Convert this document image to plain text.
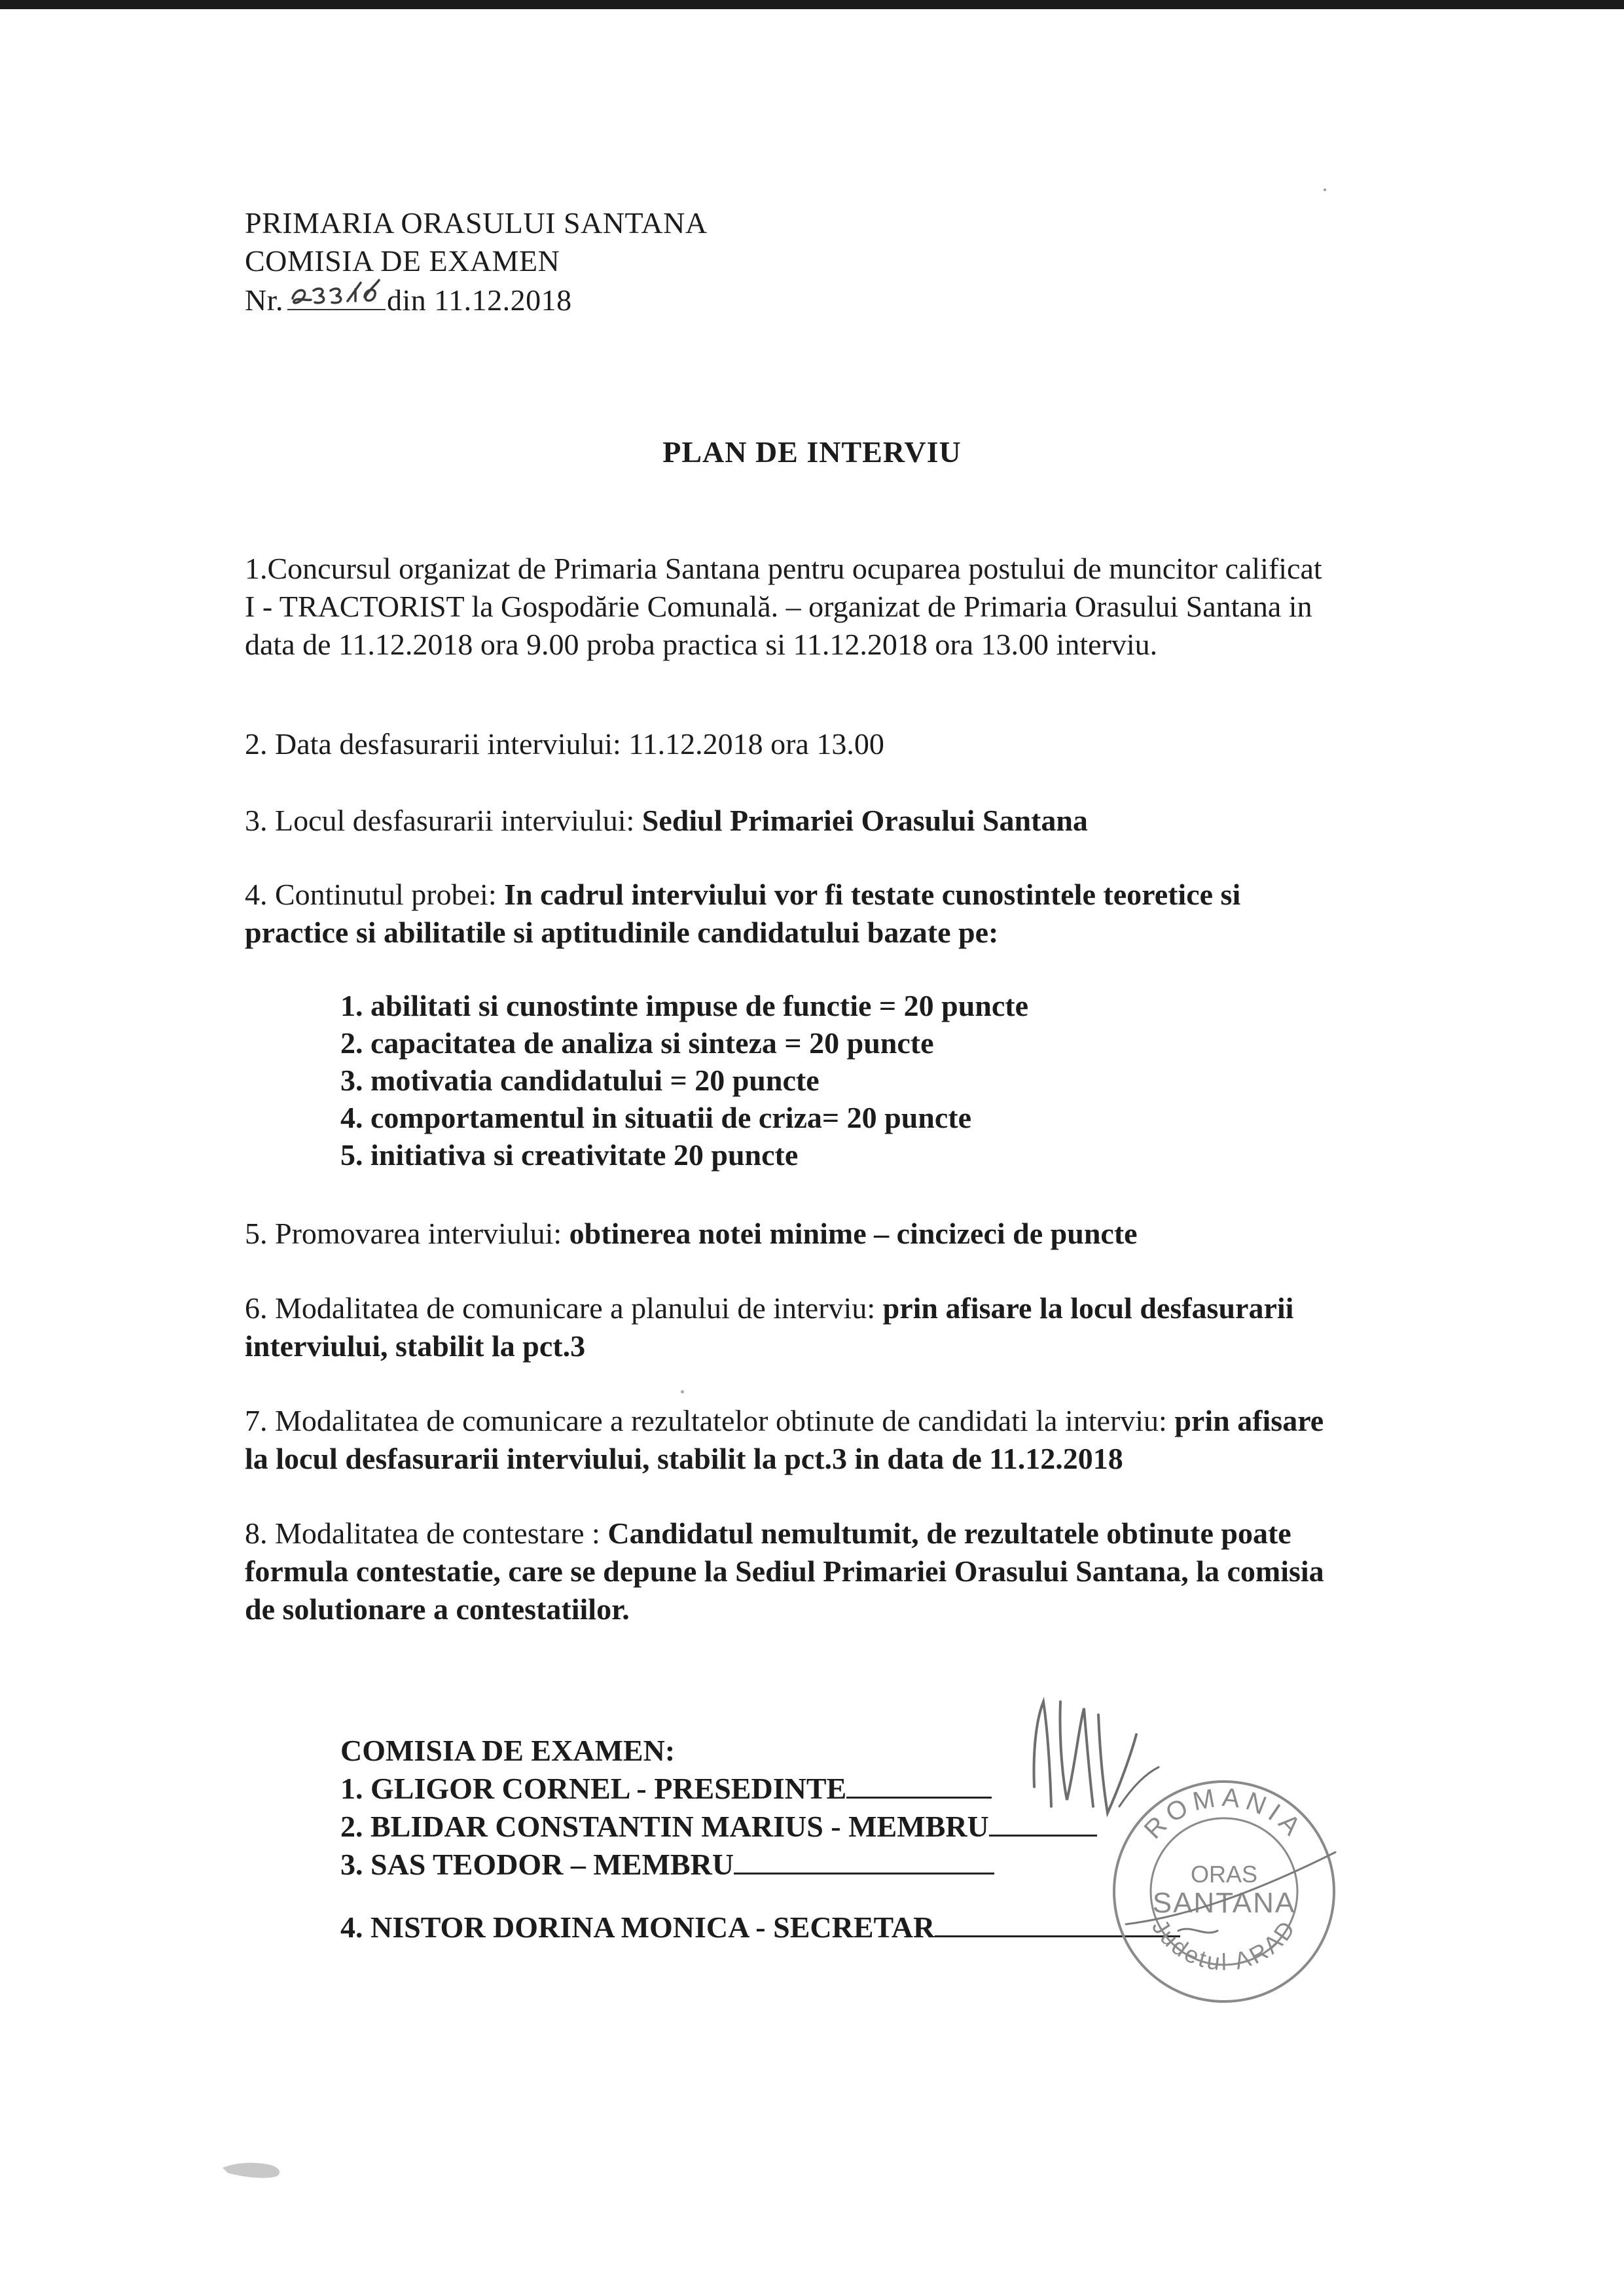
PRIMARIA ORASULUI SANTANA
COMISIA DE EXAMEN
Nr.	din 11.12.2018
PLAN DE INTERVIU
1.Concursul organizat de Primaria Santana pentru ocuparea postului de muncitor calificat I - TRACTORIST la Gospodărie Comunală. – organizat de Primaria Orasului Santana in data de 11.12.2018 ora 9.00 proba practica si 11.12.2018 ora 13.00 interviu.
2. Data desfasurarii interviului: 11.12.2018 ora 13.00
3. Locul desfasurarii interviului: Sediul Primariei Orasului Santana
4. Continutul probei: In cadrul interviului vor fi testate cunostintele teoretice si practice si abilitatile si aptitudinile candidatului bazate pe:
1. abilitati si cunostinte impuse de functie = 20 puncte
2. capacitatea de analiza si sinteza = 20 puncte
3. motivatia candidatului = 20 puncte
4. comportamentul in situatii de criza= 20 puncte
5. initiativa si creativitate 20 puncte
5. Promovarea interviului: obtinerea notei minime – cincizeci de puncte
6. Modalitatea de comunicare a planului de interviu: prin afisare la locul desfasurarii interviului, stabilit la pct.3
7. Modalitatea de comunicare a rezultatelor obtinute de candidati la interviu: prin afisare la locul desfasurarii interviului, stabilit la pct.3 in data de 11.12.2018
8. Modalitatea de contestare : Candidatul nemultumit, de rezultatele obtinute poate formula contestatie, care se depune la Sediul Primariei Orasului Santana, la comisia de solutionare a contestatiilor.
COMISIA DE EXAMEN:
1. GLIGOR CORNEL - PRESEDINTE
2. BLIDAR CONSTANTIN MARIUS - MEMBRU
3. SAS TEODOR – MEMBRU
4. NISTOR DORINA MONICA - SECRETAR
ROMANIA
ORAS
SANTANA
Judetul ARAD
